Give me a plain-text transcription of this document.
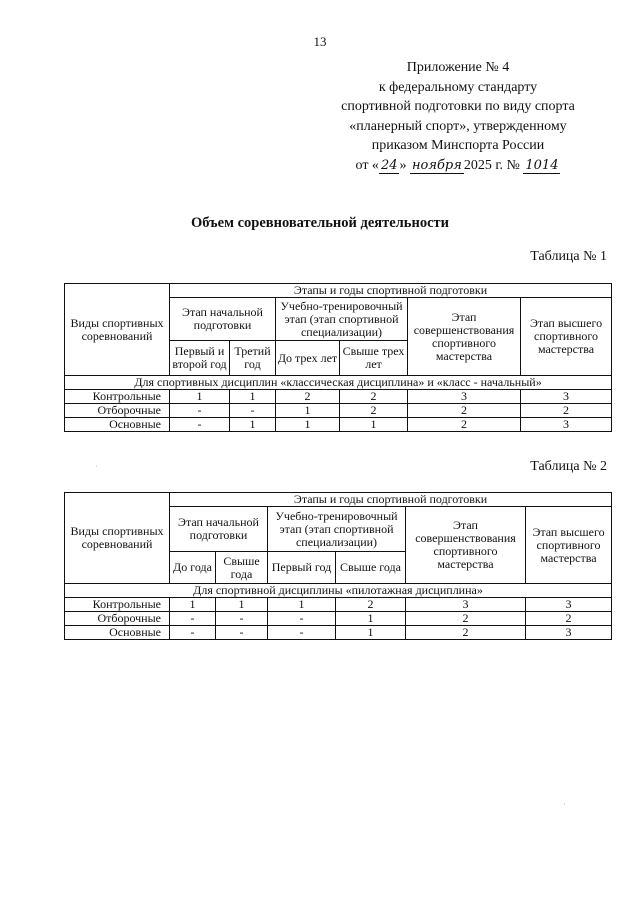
13
Приложение № 4
к федеральному стандарту
спортивной подготовки по виду спорта
«планерный спорт», утвержденному
приказом Минспорта России
от « 24 » ноября 2025 г. № 1014
Объем соревновательной деятельности
Таблица № 1
Виды спортивных соревнований	Этапы и годы спортивной подготовки					
	Этап начальной подготовки		Учебно-тренировочный этап (этап спортивной специализации)		Этап совершенствования спортивного мастерства	Этап высшего спортивного мастерства
	Первый и второй год	Третий год	До трех лет	Свыше трех лет		
Для спортивных дисциплин «классическая дисциплина» и «класс - начальный»						
Контрольные	1	1	2	2	3	3
Отборочные	-	-	1	2	2	2
Основные	-	1	1	1	2	3
Таблица № 2
Виды спортивных соревнований	Этапы и годы спортивной подготовки					
	Этап начальной подготовки		Учебно-тренировочный этап (этап спортивной специализации)		Этап совершенствования спортивного мастерства	Этап высшего спортивного мастерства
	До года	Свыше года	Первый год	Свыше года		
Для спортивной дисциплины «пилотажная дисциплина»						
Контрольные	1	1	1	2	3	3
Отборочные	-	-	-	1	2	2
Основные	-	-	-	1	2	3
·
·
